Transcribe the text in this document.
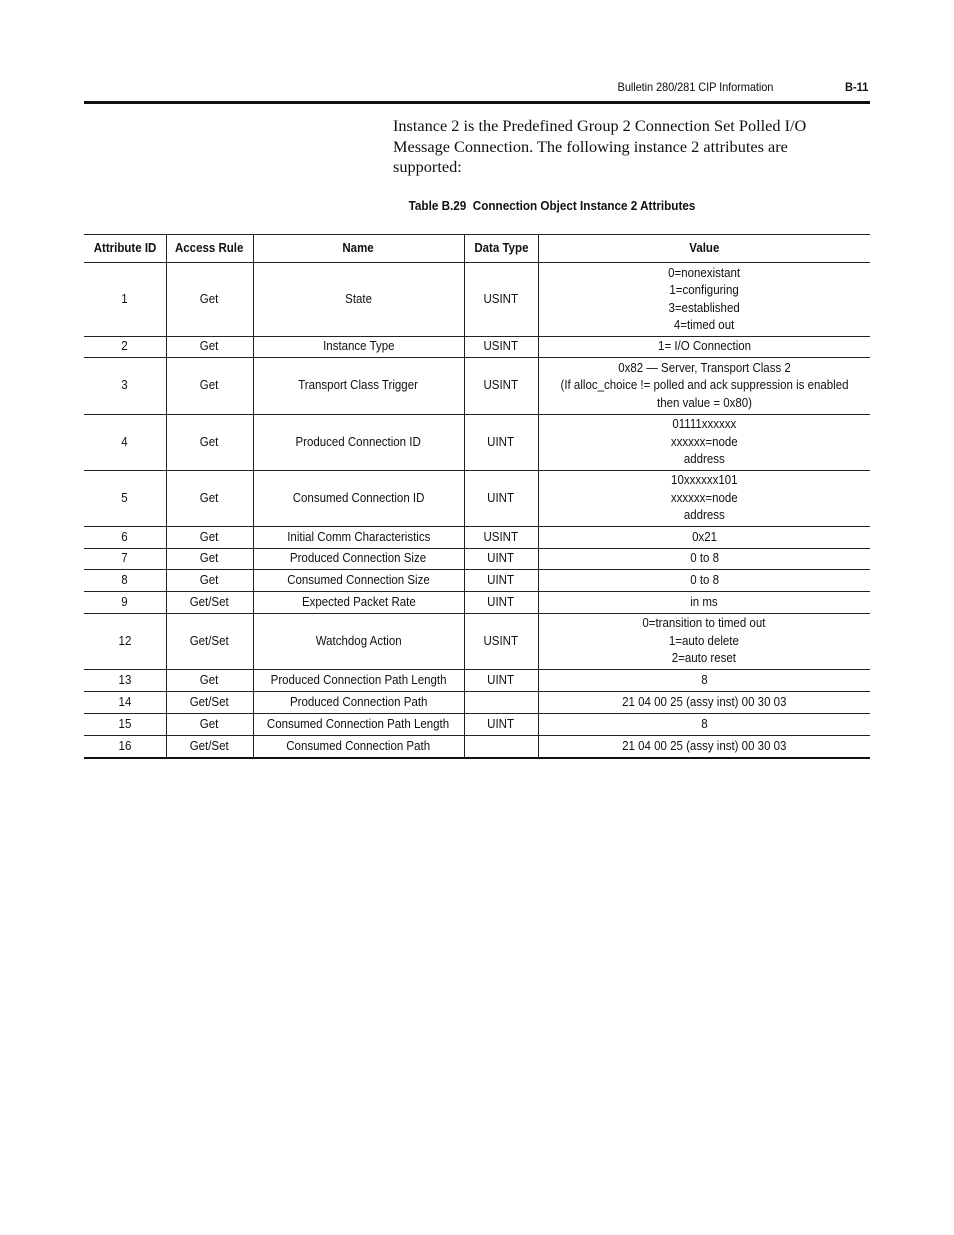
Bulletin 280/281 CIP Information	B-11

Instance 2 is the Predefined Group 2 Connection Set Polled I/O Message Connection. The following instance 2 attributes are supported:

Table B.29  Connection Object Instance 2 Attributes
Attribute ID	Access Rule	Name	Data Type	Value
1	Get	State	USINT	0=nonexistant
1=configuring
3=established
4=timed out

2	Get	Instance Type	USINT	1= I/O Connection

3	Get	Transport Class Trigger	USINT	0x82 — Server, Transport Class 2
(If alloc_choice != polled and ack suppression is enabled
then value = 0x80)

4	Get	Produced Connection ID	UINT	01111xxxxxx
xxxxxx=node
address

5	Get	Consumed Connection ID	UINT	10xxxxxx101
xxxxxx=node
address

6	Get	Initial Comm Characteristics	USINT	0x21

7	Get	Produced Connection Size	UINT	0 to 8

8	Get	Consumed Connection Size	UINT	0 to 8

9	Get/Set	Expected Packet Rate	UINT	in ms

12	Get/Set	Watchdog Action	USINT	0=transition to timed out
1=auto delete
2=auto reset

13	Get	Produced Connection Path Length	UINT	8

14	Get/Set	Produced Connection Path		21 04 00 25 (assy inst) 00 30 03

15	Get	Consumed Connection Path Length	UINT	8

16	Get/Set	Consumed Connection Path		21 04 00 25 (assy inst) 00 30 03
